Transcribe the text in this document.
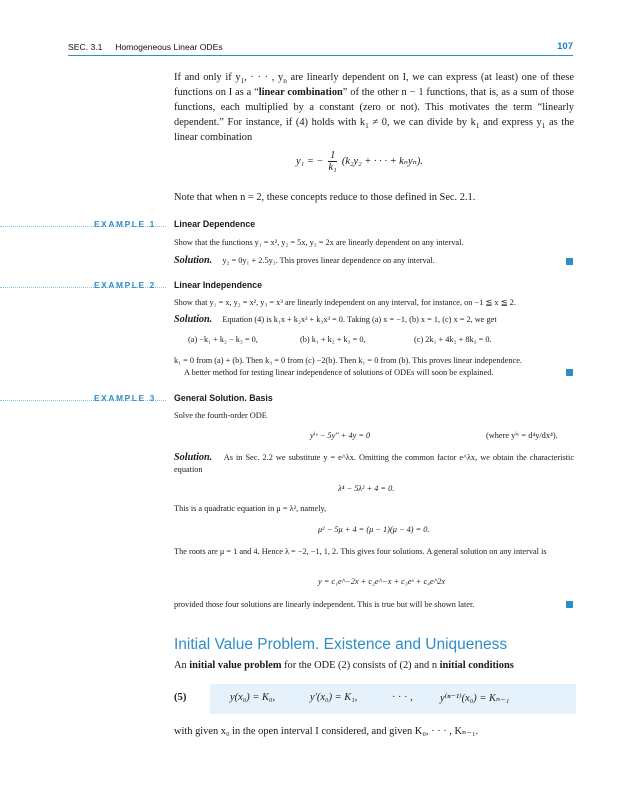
SEC. 3.1 Homogeneous Linear ODEs	107
If and only if $y_1$, · · · , $y_n$ are linearly dependent on I, we can express (at least) one of these functions on I as a “linear combination” of the other n − 1 functions, that is, as a sum of those functions, each multiplied by a constant (zero or not). This motivates the term “linearly dependent.” For instance, if (4) holds with $k_1 \ne 0$, we can divide by $k_1$ and express $y_1$ as the linear combination
y₁ = − $\frac{1}{\text{k₁}} (k_2y_2$ + · · · + kₙyₙ).
Note that when n = 2, these concepts reduce to those defined in Sec. 2.1.
EXAMPLE 1	Linear Dependence
Show that the functions y₁ = x², y₂ = 5x, y₃ = 2x are linearly dependent on any interval.
Solution. y₂ = 0y₁ + 2.5y₃. This proves linear dependence on any interval.
EXAMPLE 2	Linear Independence
Show that y₁ = x, y₂ = x², y₃ = x³ are linearly independent on any interval, for instance, on −1 ≦ x ≦ 2.
Solution. Equation (4) is k₁x + k₂x² + k₃x³ = 0. Taking (a) x = −1, (b) x = 1, (c) x = 2, we get
(a) −k₁ + k₂ − k₃ = 0,	(b) k₁ + k₂ + k₃ = 0,	(c) 2k₁ + 4k₂ + 8k₃ = 0.
k₁ = 0 from (a) + (b). Then k₃ = 0 from (c) −2(b). Then k₁ = 0 from (b). This proves linear independence.
A better method for testing linear independence of solutions of ODEs will soon be explained.
EXAMPLE 3	General Solution. Basis
Solve the fourth-order ODE
yⁱᵛ − 5y″ + 4y = 0	(where yⁱᵛ = d⁴y/dx⁴).
Solution. As in Sec. 2.2 we substitute y = e^λx. Omitting the common factor e^λx, we obtain the characteristic equation
λ⁴ − 5λ² + 4 = 0.
This is a quadratic equation in μ = λ², namely,
μ² − 5μ + 4 = (μ − 1)(μ − 4) = 0.
The roots are μ = 1 and 4. Hence λ = −2, −1, 1, 2. This gives four solutions. A general solution on any interval is
y = c₁e^−2x + c₂e^−x + c₃eˣ + c₄e^2x
provided those four solutions are linearly independent. This is true but will be shown later.
Initial Value Problem. Existence and Uniqueness
An initial value problem for the ODE (2) consists of (2) and n initial conditions
(5)	y(x₀) = K₀,	y′(x₀) = K₁,	· · · ,	y⁽ⁿ⁻¹⁾(x₀) = Kₙ₋₁
with given x₀ in the open interval I considered, and given K₀, · · · , Kₙ₋₁.
